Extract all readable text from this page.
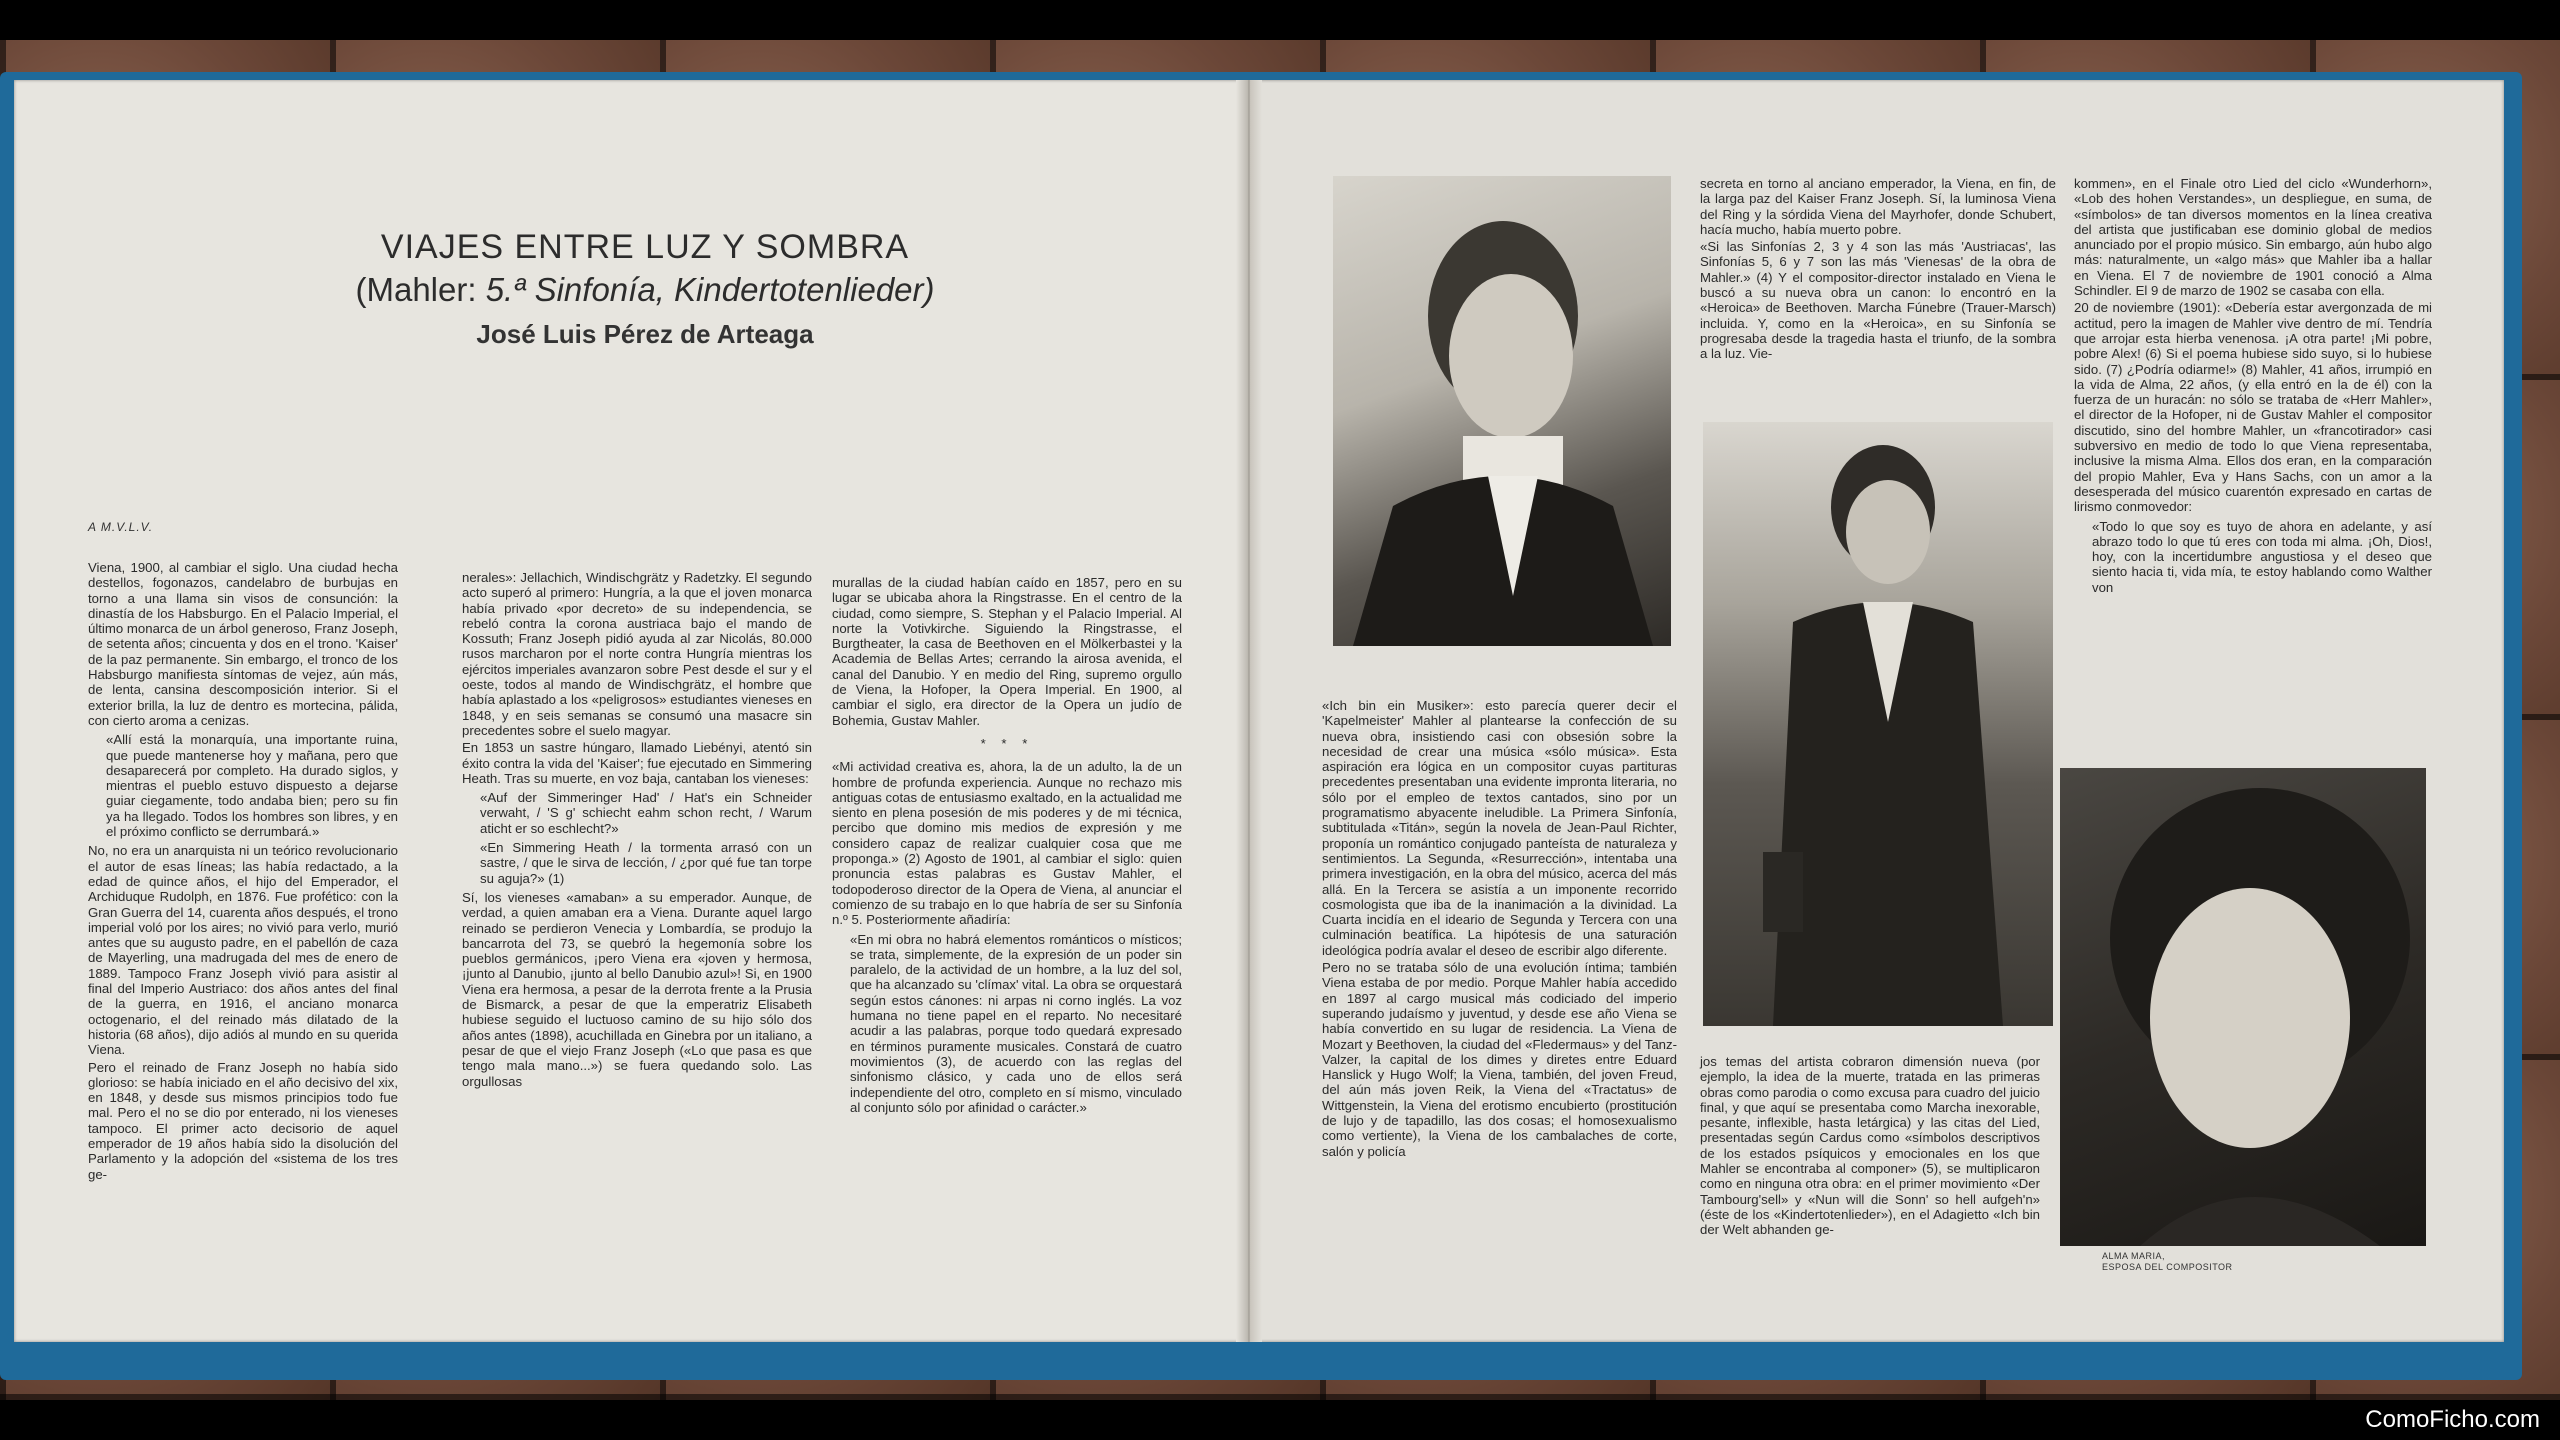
VIAJES ENTRE LUZ Y SOMBRA
(Mahler: 5.ª Sinfonía, Kindertotenlieder)
José Luis Pérez de Arteaga
A M.V.L.V.

Viena, 1900, al cambiar el siglo. Una ciudad hecha destellos, fogonazos, candelabro de burbujas en torno a una llama sin visos de consunción: la dinastía de los Habsburgo. En el Palacio Imperial, el último monarca de un árbol generoso, Franz Joseph, de setenta años; cincuenta y dos en el trono. 'Kaiser' de la paz permanente. Sin embargo, el tronco de los Habsburgo manifiesta síntomas de vejez, aún más, de lenta, cansina descomposición interior. Si el exterior brilla, la luz de dentro es mortecina, pálida, con cierto aroma a cenizas.

«Allí está la monarquía, una importante ruina, que puede mantenerse hoy y mañana, pero que desaparecerá por completo. Ha durado siglos, y mientras el pueblo estuvo dispuesto a dejarse guiar ciegamente, todo andaba bien; pero su fin ya ha llegado. Todos los hombres son libres, y en el próximo conflicto se derrumbará.»

No, no era un anarquista ni un teórico revolucionario el autor de esas líneas; las había redactado, a la edad de quince años, el hijo del Emperador, el Archiduque Rudolph, en 1876. Fue profético: con la Gran Guerra del 14, cuarenta años después, el trono imperial voló por los aires; no vivió para verlo, murió antes que su augusto padre, en el pabellón de caza de Mayerling, una madrugada del mes de enero de 1889. Tampoco Franz Joseph vivió para asistir al final del Imperio Austriaco: dos años antes del final de la guerra, en 1916, el anciano monarca octogenario, el del reinado más dilatado de la historia (68 años), dijo adiós al mundo en su querida Viena.

Pero el reinado de Franz Joseph no había sido glorioso: se había iniciado en el año decisivo del xix, en 1848, y desde sus mismos principios todo fue mal. Pero el no se dio por enterado, ni los vieneses tampoco. El primer acto decisorio de aquel emperador de 19 años había sido la disolución del Parlamento y la adopción del «sistema de los tres ge-

nerales»: Jellachich, Windischgrätz y Radetzky. El segundo acto superó al primero: Hungría, a la que el joven monarca había privado «por decreto» de su independencia, se rebeló contra la corona austriaca bajo el mando de Kossuth; Franz Joseph pidió ayuda al zar Nicolás, 80.000 rusos marcharon por el norte contra Hungría mientras los ejércitos imperiales avanzaron sobre Pest desde el sur y el oeste, todos al mando de Windischgrätz, el hombre que había aplastado a los «peligrosos» estudiantes vieneses en 1848, y en seis semanas se consumó una masacre sin precedentes sobre el suelo magyar.

En 1853 un sastre húngaro, llamado Liebényi, atentó sin éxito contra la vida del 'Kaiser'; fue ejecutado en Simmering Heath. Tras su muerte, en voz baja, cantaban los vieneses:

«Auf der Simmeringer Had' / Hat's ein Schneider verwaht, / 'S g' schiecht eahm schon recht, / Warum aticht er so eschlecht?»

«En Simmering Heath / la tormenta arrasó con un sastre, / que le sirva de lección, / ¿por qué fue tan torpe su aguja?» (1)

Sí, los vieneses «amaban» a su emperador. Aunque, de verdad, a quien amaban era a Viena. Durante aquel largo reinado se perdieron Venecia y Lombardía, se produjo la bancarrota del 73, se quebró la hegemonía sobre los pueblos germánicos, ¡pero Viena era «joven y hermosa, ¡junto al Danubio, ¡junto al bello Danubio azul»! Si, en 1900 Viena era hermosa, a pesar de la derrota frente a la Prusia de Bismarck, a pesar de que la emperatriz Elisabeth hubiese seguido el luctuoso camino de su hijo sólo dos años antes (1898), acuchillada en Ginebra por un italiano, a pesar de que el viejo Franz Joseph («Lo que pasa es que tengo mala mano...») se fuera quedando solo. Las orgullosas

murallas de la ciudad habían caído en 1857, pero en su lugar se ubicaba ahora la Ringstrasse. En el centro de la ciudad, como siempre, S. Stephan y el Palacio Imperial. Al norte la Votivkirche. Siguiendo la Ringstrasse, el Burgtheater, la casa de Beethoven en el Mölkerbastei y la Academia de Bellas Artes; cerrando la airosa avenida, el canal del Danubio. Y en medio del Ring, supremo orgullo de Viena, la Hofoper, la Opera Imperial. En 1900, al cambiar el siglo, era director de la Opera un judío de Bohemia, Gustav Mahler.

* * *

«Mi actividad creativa es, ahora, la de un adulto, la de un hombre de profunda experiencia. Aunque no rechazo mis antiguas cotas de entusiasmo exaltado, en la actualidad me siento en plena posesión de mis poderes y de mi técnica, percibo que domino mis medios de expresión y me considero capaz de realizar cualquier cosa que me proponga.» (2) Agosto de 1901, al cambiar el siglo: quien pronuncia estas palabras es Gustav Mahler, el todopoderoso director de la Opera de Viena, al anunciar el comienzo de su trabajo en lo que habría de ser su Sinfonía n.º 5. Posteriormente añadiría:

«En mi obra no habrá elementos románticos o místicos; se trata, simplemente, de la expresión de un poder sin paralelo, de la actividad de un hombre, a la luz del sol, que ha alcanzado su 'clímax' vital. La obra se orquestará según estos cánones: ni arpas ni corno inglés. La voz humana no tiene papel en el reparto. No necesitaré acudir a las palabras, porque todo quedará expresado en términos puramente musicales. Constará de cuatro movimientos (3), de acuerdo con las reglas del sinfonismo clásico, y cada uno de ellos será independiente del otro, completo en sí mismo, vinculado al conjunto sólo por afinidad o carácter.»

ALMA MARIA,
ESPOSA DEL COMPOSITOR

secreta en torno al anciano emperador, la Viena, en fin, de la larga paz del Kaiser Franz Joseph. Sí, la luminosa Viena del Ring y la sórdida Viena del Mayrhofer, donde Schubert, hacía mucho, había muerto pobre.

«Si las Sinfonías 2, 3 y 4 son las más 'Austriacas', las Sinfonías 5, 6 y 7 son las más 'Vienesas' de la obra de Mahler.» (4) Y el compositor-director instalado en Viena le buscó a su nueva obra un canon: lo encontró en la «Heroica» de Beethoven. Marcha Fúnebre (Trauer-Marsch) incluida. Y, como en la «Heroica», en su Sinfonía se progresaba desde la tragedia hasta el triunfo, de la sombra a la luz. Vie-

«Ich bin ein Musiker»: esto parecía querer decir el 'Kapelmeister' Mahler al plantearse la confección de su nueva obra, insistiendo casi con obsesión sobre la necesidad de crear una música «sólo música». Esta aspiración era lógica en un compositor cuyas partituras precedentes presentaban una evidente impronta literaria, no sólo por el empleo de textos cantados, sino por un programatismo abyacente ineludible. La Primera Sinfonía, subtitulada «Titán», según la novela de Jean-Paul Richter, proponía un romántico conjugado panteísta de naturaleza y sentimientos. La Segunda, «Resurrección», intentaba una primera investigación, en la obra del músico, acerca del más allá. En la Tercera se asistía a un imponente recorrido cosmologista que iba de la inanimación a la divinidad. La Cuarta incidía en el ideario de Segunda y Tercera con una culminación beatífica. La hipótesis de una saturación ideológica podría avalar el deseo de escribir algo diferente.

Pero no se trataba sólo de una evolución íntima; también Viena estaba de por medio. Porque Mahler había accedido en 1897 al cargo musical más codiciado del imperio superando judaísmo y juventud, y desde ese año Viena se había convertido en su lugar de residencia. La Viena de Mozart y Beethoven, la ciudad del «Fledermaus» y del Tanz-Valzer, la capital de los dimes y diretes entre Eduard Hanslick y Hugo Wolf; la Viena, también, del joven Freud, del aún más joven Reik, la Viena del «Tractatus» de Wittgenstein, la Viena del erotismo encubierto (prostitución de lujo y de tapadillo, las dos cosas; el homosexualismo como vertiente), la Viena de los cambalaches de corte, salón y policía

jos temas del artista cobraron dimensión nueva (por ejemplo, la idea de la muerte, tratada en las primeras obras como parodia o como excusa para cuadro del juicio final, y que aquí se presentaba como Marcha inexorable, pesante, inflexible, hasta letárgica) y las citas del Lied, presentadas según Cardus como «símbolos descriptivos de los estados psíquicos y emocionales en los que Mahler se encontraba al componer» (5), se multiplicaron como en ninguna otra obra: en el primer movimiento «Der Tambourg'sell» y «Nun will die Sonn' so hell aufgeh'n» (éste de los «Kindertotenlieder»), en el Adagietto «Ich bin der Welt abhanden ge-

kommen», en el Finale otro Lied del ciclo «Wunderhorn», «Lob des hohen Verstandes», un despliegue, en suma, de «símbolos» de tan diversos momentos en la línea creativa del artista que justificaban ese dominio global de medios anunciado por el propio músico. Sin embargo, aún hubo algo más: naturalmente, un «algo más» que Mahler iba a hallar en Viena. El 7 de noviembre de 1901 conoció a Alma Schindler. El 9 de marzo de 1902 se casaba con ella.

20 de noviembre (1901): «Debería estar avergonzada de mi actitud, pero la imagen de Mahler vive dentro de mí. Tendría que arrojar esta hierba venenosa. ¡A otra parte! ¡Mi pobre, pobre Alex! (6) Si el poema hubiese sido suyo, si lo hubiese sido. (7) ¿Podría odiarme!» (8) Mahler, 41 años, irrumpió en la vida de Alma, 22 años, (y ella entró en la de él) con la fuerza de un huracán: no sólo se trataba de «Herr Mahler», el director de la Hofoper, ni de Gustav Mahler el compositor discutido, sino del hombre Mahler, un «francotirador» casi subversivo en medio de todo lo que Viena representaba, inclusive la misma Alma. Ellos dos eran, en la comparación del propio Mahler, Eva y Hans Sachs, con un amor a la desesperada del músico cuarentón expresado en cartas de lirismo conmovedor:

«Todo lo que soy es tuyo de ahora en adelante, y así abrazo todo lo que tú eres con toda mi alma. ¡Oh, Dios!, hoy, con la incertidumbre angustiosa y el deseo que siento hacia ti, vida mía, te estoy hablando como Walther von

ComoFicho.com
